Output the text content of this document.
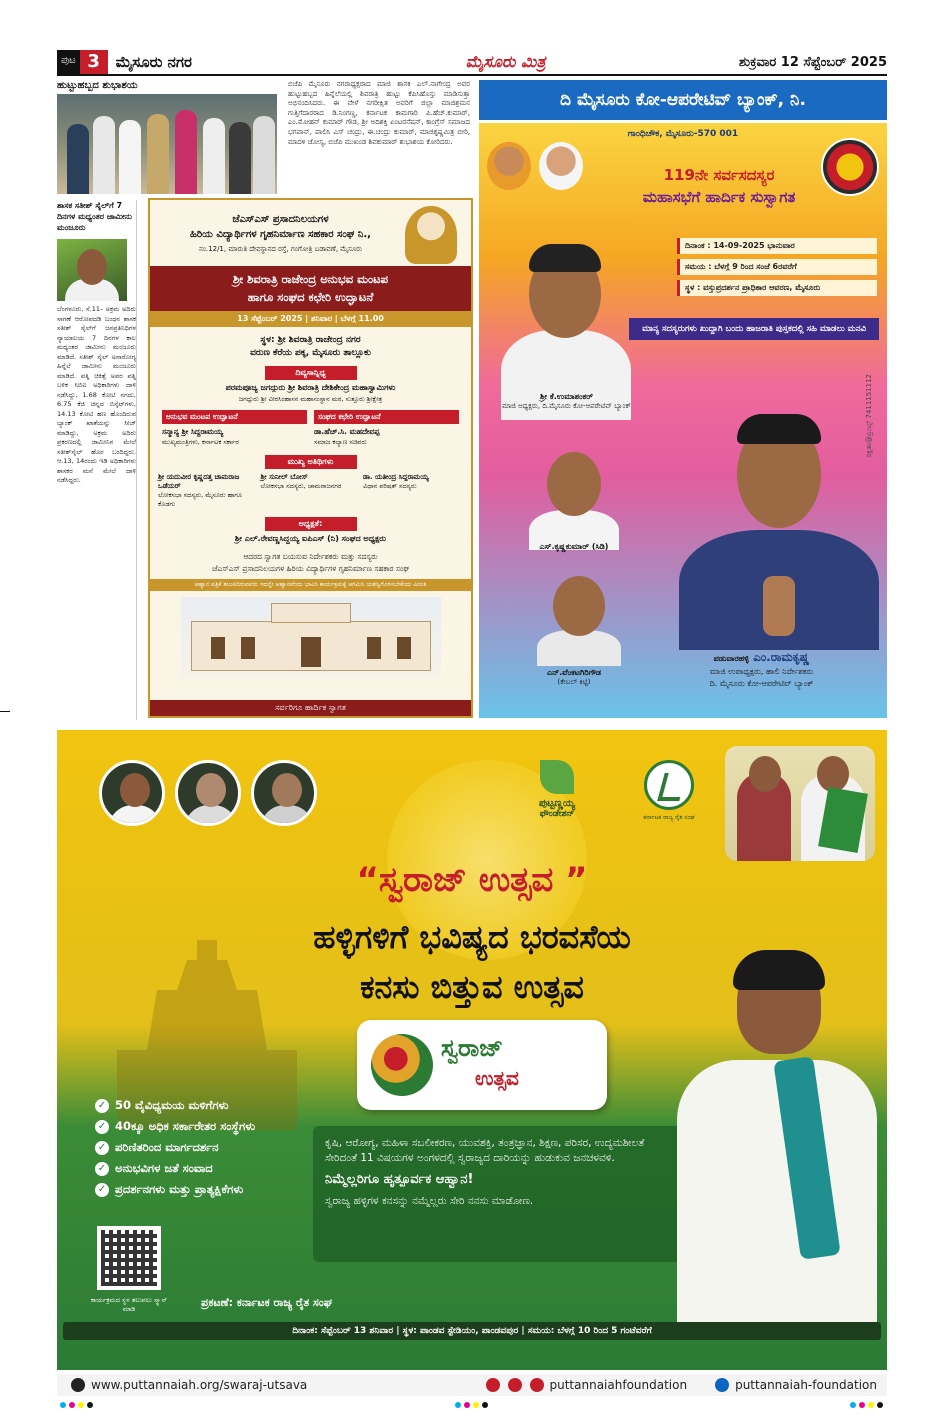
ಪುಟ 3	ಮೈಸೂರು ನಗರ	ಮೈಸೂರು ಮಿತ್ರ	ಶುಕ್ರವಾರ 12 ಸೆಪ್ಟೆಂಬರ್ 2025
ಹುಟ್ಟುಹಬ್ಬದ ಶುಭಾಶಯ	ಬಿಜೆಪಿ ಮೈಸೂರು ನಗರಾಧ್ಯಕ್ಷರಾದ ಮಾಜಿ ಶಾಸಕ ಎಲ್.ನಾಗೇಂದ್ರ ಅವರ ಹುಟ್ಟುಹಬ್ಬದ ಹಿನ್ನೆಲೆಯಲ್ಲಿ ಶಿವರಾತ್ರಿ ಹುಟ್ಟು ಕೆಪಿಸಿಹೊಸ್ತು ಮಾಡಿಸುತ್ತಾ ಅಭಿನಂದಿಸಿದರು. ಈ ವೇಳೆ ನಗರೀಕ್ಷಿತ ಅವರಿಗೆ ಜಿಲ್ಲಾ ಮಾಜಿಶ್ರಮನ ಗುತ್ತಿಗೆದಾರರಾದ ಡಿ.ನಿಂಗಣ್ಣ, ಕರ್ನಾಟಕ ಕಾಮಗಾರಿ ಪಿ.ಹೆಚ್.ಕುಮಾರ್, ಎಂ.ಮೋಹನ್ ಕುಮಾರ್ ಗೌಡ, ಶ್ರೀ ಅದಿಶಕ್ತಿ ಏಂಟರನೆಷನ್, ಕಾಂಗ್ರೆಸ್ ಸಮಾಜದ ಭಗವಾನ್, ಪಾಲಿಸಿ ಎಸ್ ಚಂದ್ರು, ಈ.ಚಂದ್ರು ಕುಮಾರ್, ಮಾಜಿಕೃಷ್ಣಮಿತ್ರ ಬೀರಿ, ಮಾದಳಿ ಜೋಸ್ಯ, ಬಿಜೆಪಿ ಮುಖಂಡ ಶಿವಕುಮಾರ್ ಶುಭಾಶಯ ಕೋರಿದರು.
ಶಾಸಕ ಸತೀಶ್ ಸೈಲ್‌ಗೆ 7 ದಿನಗಳ ಮಧ್ಯಂತರ ಜಾಮೀನು ಮಂಜೂರು
ಬೆಂಗಳೂರು, ಸೆ.11– ಅಕ್ರಮ ಅದಿರು ಸಾಗಣೆ ಆರೋಪದಡಿ ಬಂಧನ ಶಾಸಕ ಸತೀಶ್ ಸೈಲ್‌ಗೆ ಜನಪ್ರತಿನಿಧಿಗಳ ನ್ಯಾಯಾಲಯ 7 ದಿನಗಳ ಕಾಲ ಮಧ್ಯಂತರ ಜಾಮೀನು ಮಂಜೂರು ಮಾಡಿದೆ. ಸತೀಶ್ ಸೈಲ್ ಅನಾರೋಗ್ಯ ಹಿನ್ನೆಲೆ ಜಾಮೀನು ಮಂಜೂರು ಮಾಡಿದೆ. ಪತ್ನಿ ಚಿಕಿತ್ಸೆ ಅವರ ಪತ್ನಿ ಬಳಿಕ ಸಿಬಿಐ ಅಧಿಕಾರಿಗಳು ದಾಳಿ ನಡೆಸಿದ್ದು, 1.68 ಕೋಟಿ ನಗದು, 6.75 ಕೆಜಿ ಚಿನ್ನದ ಬಿಸ್ಕೆಟ್‌ಗಳು, 14.13 ಕೋಟಿ ಹಣ ಹೊಂದಿರುವ ಬ್ಯಾಂಕ್ ಖಾತೆಯನ್ನು ಸೀಜ್ ಮಾಡಿದ್ದು, ಅಕ್ರಮ ಅದಿರು ಪ್ರಕರಣದಲ್ಲಿ ಜಾಮೀನಿನ ಮೇಲೆ ಸತೀಶ್‌ಸೈಲ್ ಹೊರ ಬಂದಿದ್ದರು. ಆ.13, 14ರಂದು ಇಡಿ ಅಧಿಕಾರಿಗಳು ಶಾಸಕರ ಮನೆ ಮೇಲೆ ದಾಳಿ ನಡೆಸಿದ್ದರು.
ಜೆಎಸ್‌ಎಸ್ ಪ್ರಸಾದನಿಲಯಗಳ
ಹಿರಿಯ ವಿದ್ಯಾರ್ಥಿಗಳ ಗೃಹನಿರ್ಮಾಣ ಸಹಕಾರ ಸಂಘ ನಿ.,
ನಂ.12/1, ಮಾರುತಿ ದೇವಸ್ಥಾನದ ರಸ್ತೆ, ಗಂಗೋತ್ರಿ ಬಡಾವಣೆ, ಮೈಸೂರು
ಶ್ರೀ ಶಿವರಾತ್ರಿ ರಾಜೇಂದ್ರ ಅನುಭವ ಮಂಟಪ
ಹಾಗೂ ಸಂಘದ ಕಛೇರಿ ಉದ್ಘಾಟನೆ
13 ಸೆಪ್ಟೆಂಬರ್ 2025 | ಶನಿವಾರ | ಬೆಳಗ್ಗೆ 11.00
ಸ್ಥಳ: ಶ್ರೀ ಶಿವರಾತ್ರಿ ರಾಜೇಂದ್ರ ನಗರ
ವರುಣ ಕೆರೆಯ ಪಕ್ಕ, ಮೈಸೂರು ತಾಲ್ಲೂಕು
ದಿವ್ಯಸಾನ್ನಿಧ್ಯ
ಪರಮಪೂಜ್ಯ ಜಗದ್ಗುರು ಶ್ರೀ ಶಿವರಾತ್ರಿ ದೇಶಿಕೇಂದ್ರ ಮಹಾಸ್ವಾಮಿಗಳು
ಜಗದ್ಗುರು ಶ್ರೀ ವೀರಸಿಂಹಾಸನ ಮಹಾಸಂಸ್ಥಾನ ಮಠ, ಸುತ್ತೂರು ಶ್ರೀಕ್ಷೇತ್ರ
ಅನುಭವ ಮಂಟಪ ಉದ್ಘಾಟನೆ
ಸನ್ಮಾನ್ಯ ಶ್ರೀ ಸಿದ್ದರಾಮಯ್ಯ
ಮುಖ್ಯಮಂತ್ರಿಗಳು, ಕರ್ನಾಟಕ ಸರ್ಕಾರ
ಸಂಘದ ಕಛೇರಿ ಉದ್ಘಾಟನೆ
ಡಾ.ಹೆಚ್.ಸಿ. ಮಹದೇವಪ್ಪ
ಸಮಾಜ ಕಲ್ಯಾಣ ಸಚಿವರು
ಮುಖ್ಯ ಅತಿಥಿಗಳು
ಶ್ರೀ ಯದುವೀರ ಕೃಷ್ಣದತ್ತ ಚಾಮರಾಜ ಒಡೆಯರ್
ಲೋಕಸಭಾ ಸದಸ್ಯರು, ಮೈಸೂರು ಹಾಗೂ ಕೊಡಗು
ಶ್ರೀ ಸುನೀಲ್ ಬೋಸ್
ಲೋಕಸಭಾ ಸದಸ್ಯರು, ಚಾಮರಾಜನಗರ
ಡಾ. ಯತೀಂದ್ರ ಸಿದ್ದರಾಮಯ್ಯ
ವಿಧಾನ ಪರಿಷತ್ ಸದಸ್ಯರು
ಅಧ್ಯಕ್ಷತೆ:
ಶ್ರೀ ಎಲ್.ರೇವಣ್ಣಸಿದ್ದಯ್ಯ ಐಪಿಎಸ್ (ನಿ) ಸಂಘದ ಅಧ್ಯಕ್ಷರು
ಆದರದ ಸ್ವಾಗತ ಬಯಸುವ ನಿರ್ದೇಶಕರು ಮತ್ತು ಸದಸ್ಯರು
ಜೆಎಸ್‌ಎಸ್ ಪ್ರಸಾದನಿಲಯಗಳ ಹಿರಿಯ ವಿದ್ಯಾರ್ಥಿಗಳ ಗೃಹನಿರ್ಮಾಣ ಸಹಕಾರ ಸಂಘ
ಆಹ್ವಾನ ಪತ್ರಿಕೆ ತಲುಪದಿರುವವರು ಇದನ್ನೇ ಆಹ್ವಾನವೆಂದು ಭಾವಿಸಿ ಕಾರ್ಯಕ್ರಮಕ್ಕೆ ಆಗಮಿಸಿ ಯಶಸ್ವಿಗೊಳಿಸಬೇಕೆಂದು ವಿನಂತಿ
ಸರ್ವರಿಗೂ ಹಾರ್ದಿಕ ಸ್ವಾಗತ
ದಿ ಮೈಸೂರು ಕೋ-ಆಪರೇಟಿವ್ ಬ್ಯಾಂಕ್, ನಿ.
ಗಾಂಧಿಚೌಕ, ಮೈಸೂರು-570 001
119ನೇ ಸರ್ವಸದಸ್ಯರ
ಮಹಾಸಭೆಗೆ ಹಾರ್ದಿಕ ಸುಸ್ವಾಗತ
ದಿನಾಂಕ : 14-09-2025 ಭಾನುವಾರ
ಸಮಯ : ಬೆಳಗ್ಗೆ 9 ರಿಂದ ಸಂಜೆ 6ರವರೆಗೆ
ಸ್ಥಳ : ವಸ್ತುಪ್ರದರ್ಶನ ಪ್ರಾಧಿಕಾರ ಆವರಣ, ಮೈಸೂರು
ಮಾನ್ಯ ಸದಸ್ಯರುಗಳು ಖುದ್ದಾಗಿ ಬಂದು ಹಾಜರಾತಿ ಪುಸ್ತಕದಲ್ಲಿ ಸಹಿ ಮಾಡಲು ಮನವಿ
ಶ್ರೀ ಕೆ.ಉಮಾಶಂಕರ್
ಮಾಜಿ ಅಧ್ಯಕ್ಷರು, ದಿ.ಮೈಸೂರು ಕೋ-ಆಪರೇಟಿವ್ ಬ್ಯಾಂಕ್
ಎಸ್.ಕೃಷ್ಣಕುಮಾರ್ (ಸಿಡಿ)
ಎನ್.ವೆಂಕಟಗಿರಿಗೌಡ
(ಕೇಬಲ್ ಕಿಟ್ಟಿ)
ರಕ್ಷಿತಾ@ಪ್ರಿಂಟ್ಸ್ 7411151112
ಪಡುವಾರಹಳ್ಳಿ ಎಂ.ರಾಮಕೃಷ್ಣ
ಮಾಜಿ ಉಪಾಧ್ಯಕ್ಷರು, ಹಾಲಿ ನಿರ್ದೇಶಕರು
ದಿ. ಮೈಸೂರು ಕೋ-ಆಪರೇಟಿವ್ ಬ್ಯಾಂಕ್
ಪುಟ್ಟಣ್ಣಯ್ಯ
ಫೌಂಡೇಶನ್	ಕರ್ನಾಟಕ ರಾಜ್ಯ ರೈತ ಸಂಘ
“ಸ್ವರಾಜ್ ಉತ್ಸವ ”
ಹಳ್ಳಿಗಳಿಗೆ ಭವಿಷ್ಯದ ಭರವಸೆಯ
ಕನಸು ಬಿತ್ತುವ ಉತ್ಸವ
ಸ್ವರಾಜ್
ಉತ್ಸವ
✓ 50 ವೈವಿಧ್ಯಮಯ ಮಳಿಗೆಗಳು
✓ 40ಕ್ಕೂ ಅಧಿಕ ಸರ್ಕಾರೇತರ ಸಂಸ್ಥೆಗಳು
✓ ಪರಿಣಿತರಿಂದ ಮಾರ್ಗದರ್ಶನ
✓ ಅನುಭವಿಗಳ ಜತೆ ಸಂವಾದ
✓ ಪ್ರದರ್ಶನಗಳು ಮತ್ತು ಪ್ರಾತ್ಯಕ್ಷಿಕೆಗಳು
ಕೃಷಿ, ಆರೋಗ್ಯ, ಮಹಿಳಾ ಸಬಲೀಕರಣ, ಯುವಶಕ್ತಿ, ತಂತ್ರಜ್ಞಾನ, ಶಿಕ್ಷಣ, ಪರಿಸರ, ಉದ್ಯಮಶೀಲತೆ ಸೇರಿದಂತೆ 11 ವಿಷಯಗಳ ಅಂಗಳದಲ್ಲಿ ಸ್ವರಾಜ್ಯದ ದಾರಿಯನ್ನು ಹುಡುಕುವ ಜನಚಳವಳಿ.
ನಿಮ್ಮೆಲ್ಲರಿಗೂ ಹೃತ್ಪೂರ್ವಕ ಆಹ್ವಾನ!
ಸ್ವರಾಜ್ಯ ಹಳ್ಳಿಗಳ ಕನಸನ್ನು ನಮ್ಮೆಲ್ಲರು ಸೇರಿ ನನಸು ಮಾಡೋಣ.
ಕಾರ್ಯಕ್ರಮದ ಸ್ಥಳ ತಲುಪಲು ಸ್ಕ್ಯಾನ್ ಮಾಡಿ	ಪ್ರಕಟಣೆ: ಕರ್ನಾಟಕ ರಾಜ್ಯ ರೈತ ಸಂಘ
ದಿನಾಂಕ: ಸೆಪ್ಟೆಂಬರ್ 13 ಶನಿವಾರ | ಸ್ಥಳ: ಪಾಂಡವ ಸ್ಟೇಡಿಯಂ, ಪಾಂಡವಪುರ | ಸಮಯ: ಬೆಳಗ್ಗೆ 10 ರಿಂದ 5 ಗಂಟೆವರೆಗೆ
www.puttannaiah.org/swaraj-utsava	puttannaiahfoundation	puttannaiah-foundation
